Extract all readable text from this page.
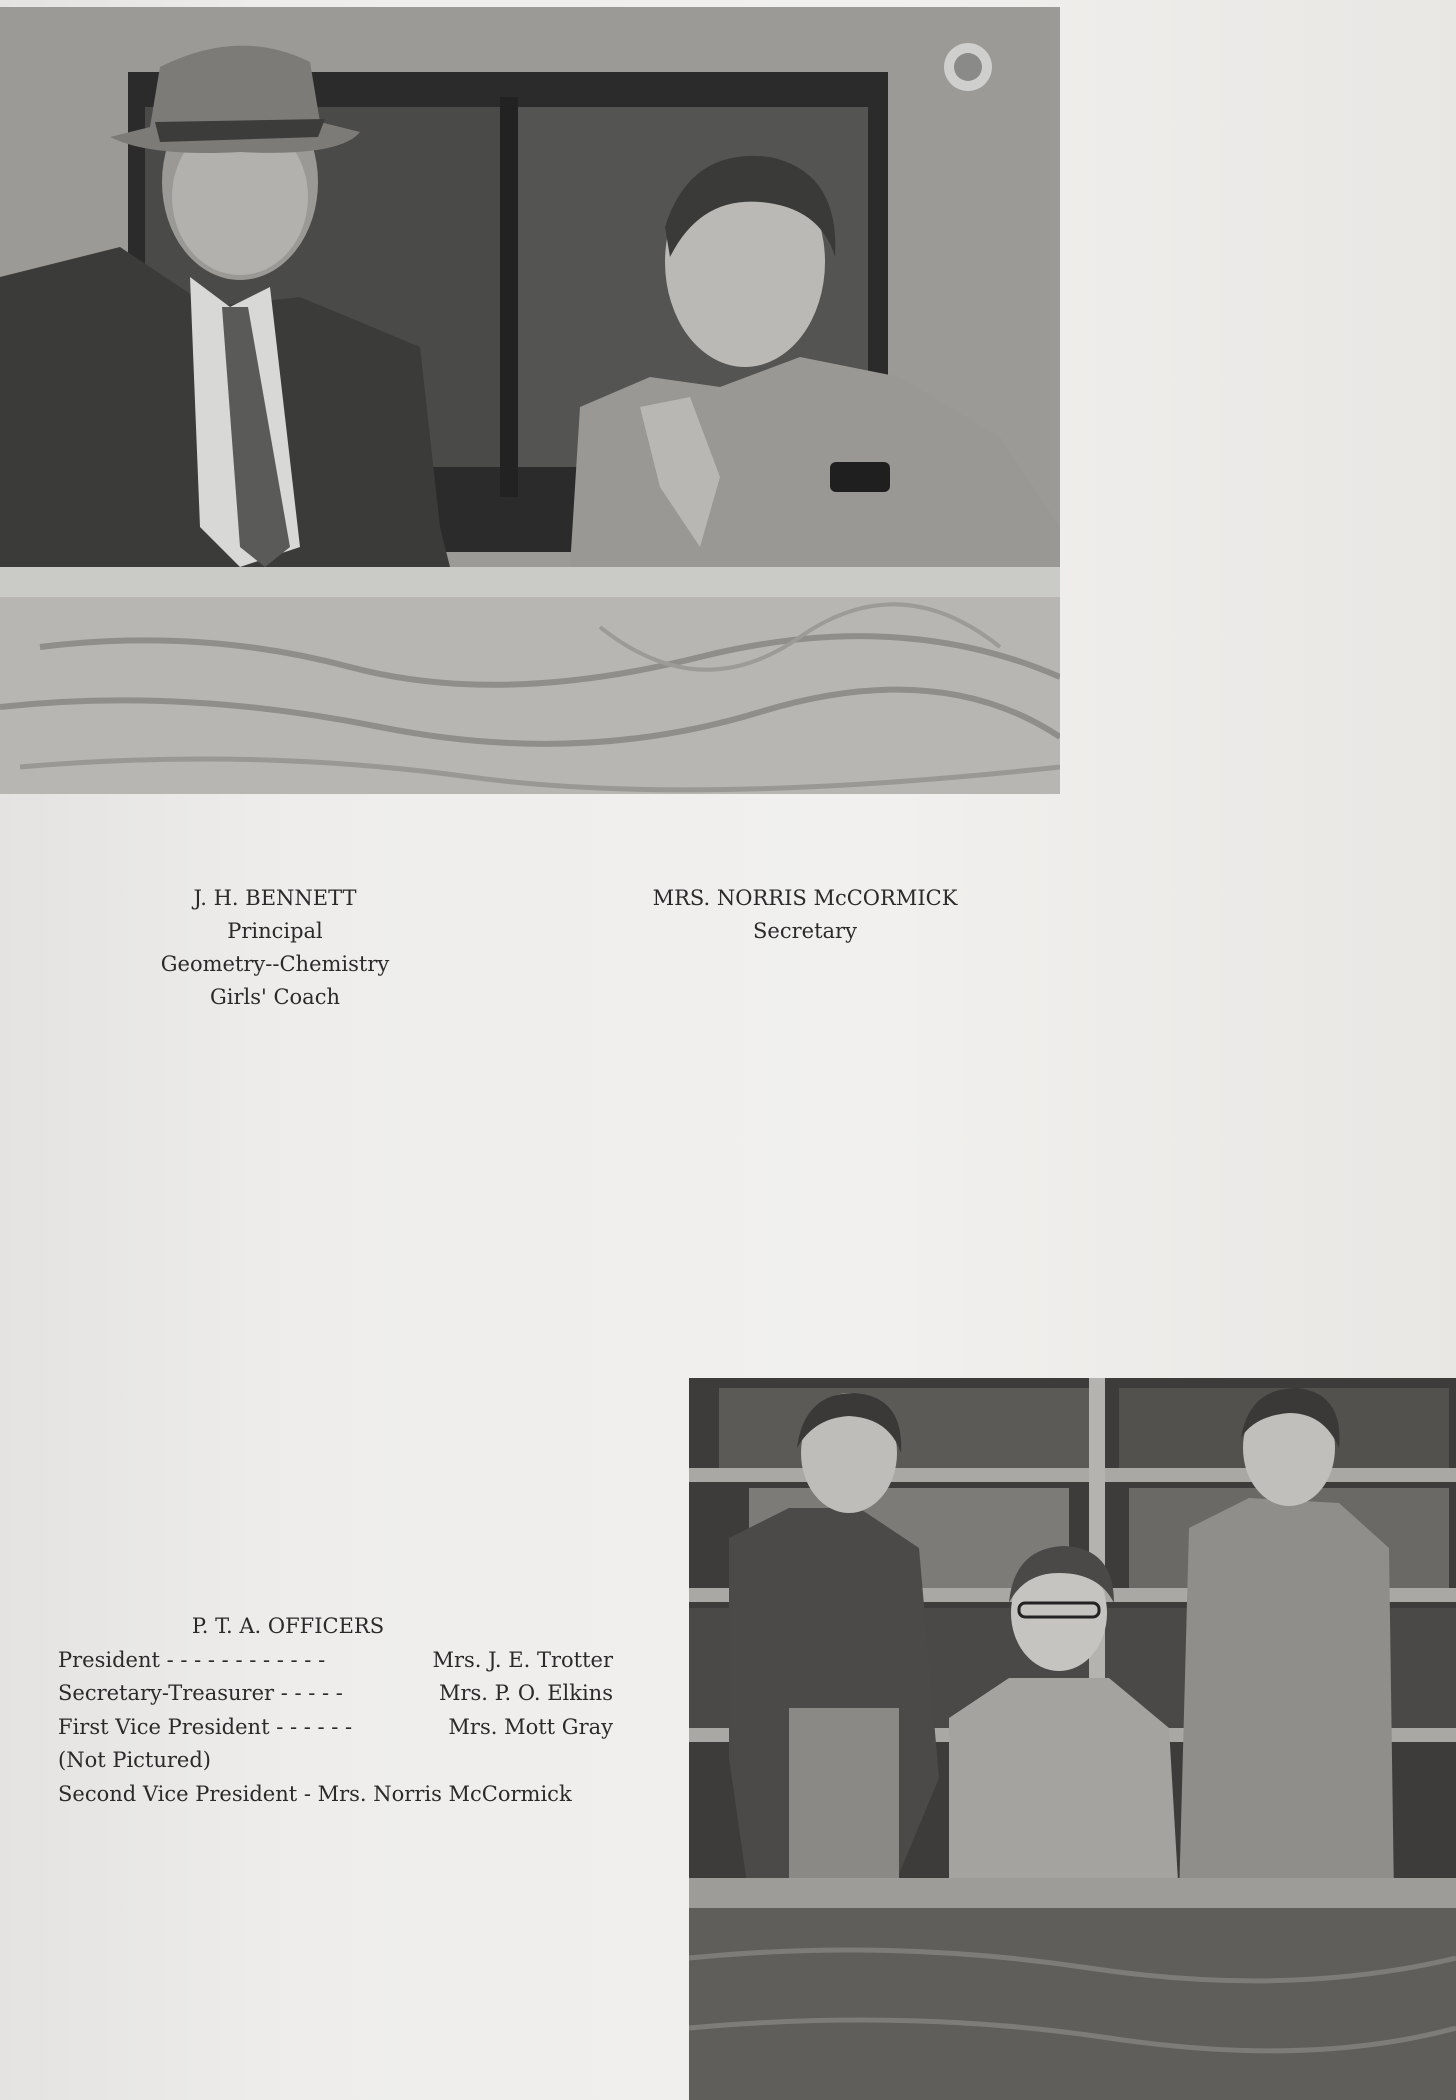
J. H. BENNETT
Principal
Geometry--Chemistry
Girls' Coach
MRS. NORRIS McCORMICK
Secretary
P. T. A. OFFICERS
President - - - - - - - - - - - -	Mrs. J. E. Trotter
Secretary-Treasurer - - - - -	Mrs. P. O. Elkins
First Vice President - - - - - -	Mrs. Mott Gray
(Not Pictured)
Second Vice President - Mrs. Norris McCormick
